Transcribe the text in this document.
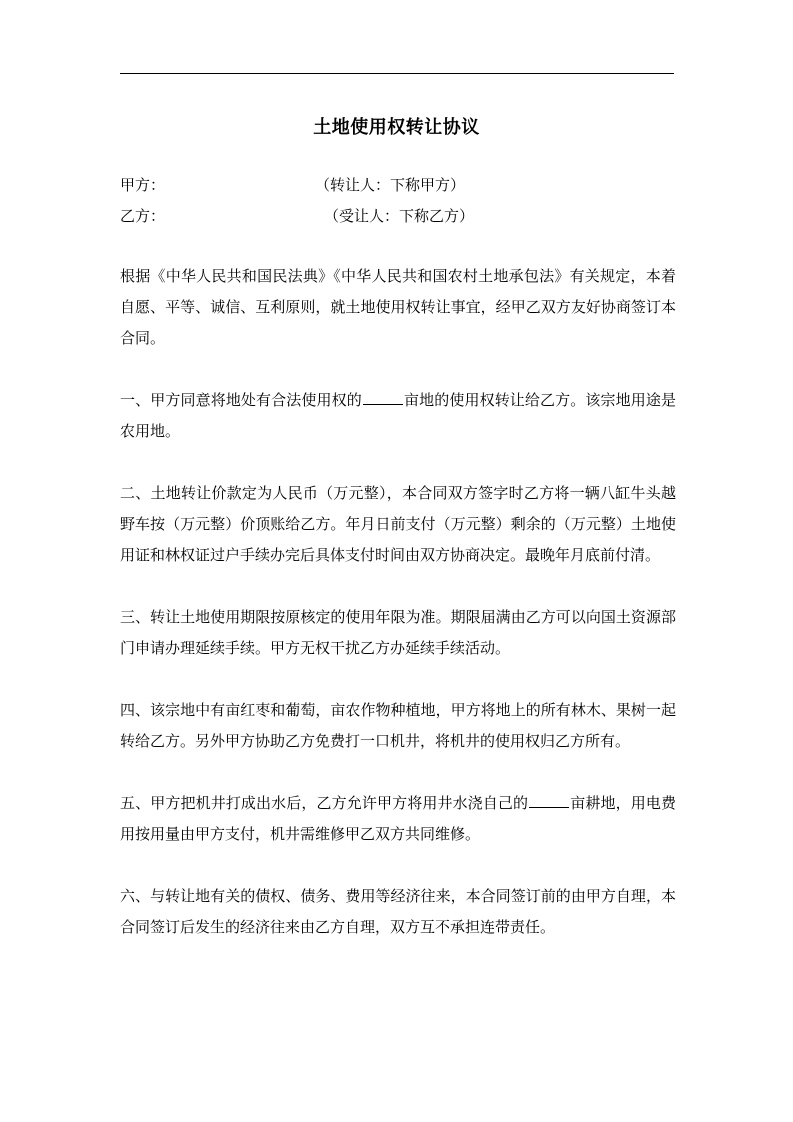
土地使用权转让协议
甲方：	（转让人：下称甲方）
乙方：	（受让人：下称乙方）

根据《中华人民共和国民法典》《中华人民共和国农村土地承包法》有关规定，本着自愿、平等、诚信、互利原则，就土地使用权转让事宜，经甲乙双方友好协商签订本合同。

一、甲方同意将地处有合法使用权的	亩地的使用权转让给乙方。该宗地用途是农用地。

二、土地转让价款定为人民币（万元整），本合同双方签字时乙方将一辆八缸牛头越野车按（万元整）价顶账给乙方。年月日前支付（万元整）剩余的（万元整）土地使用证和林权证过户手续办完后具体支付时间由双方协商决定。最晚年月底前付清。

三、转让土地使用期限按原核定的使用年限为准。期限届满由乙方可以向国土资源部门申请办理延续手续。甲方无权干扰乙方办延续手续活动。

四、该宗地中有亩红枣和葡萄，亩农作物种植地，甲方将地上的所有林木、果树一起转给乙方。另外甲方协助乙方免费打一口机井，将机井的使用权归乙方所有。

五、甲方把机井打成出水后，乙方允许甲方将用井水浇自己的	亩耕地，用电费用按用量由甲方支付，机井需维修甲乙双方共同维修。

六、与转让地有关的债权、债务、费用等经济往来，本合同签订前的由甲方自理，本合同签订后发生的经济往来由乙方自理，双方互不承担连带责任。
